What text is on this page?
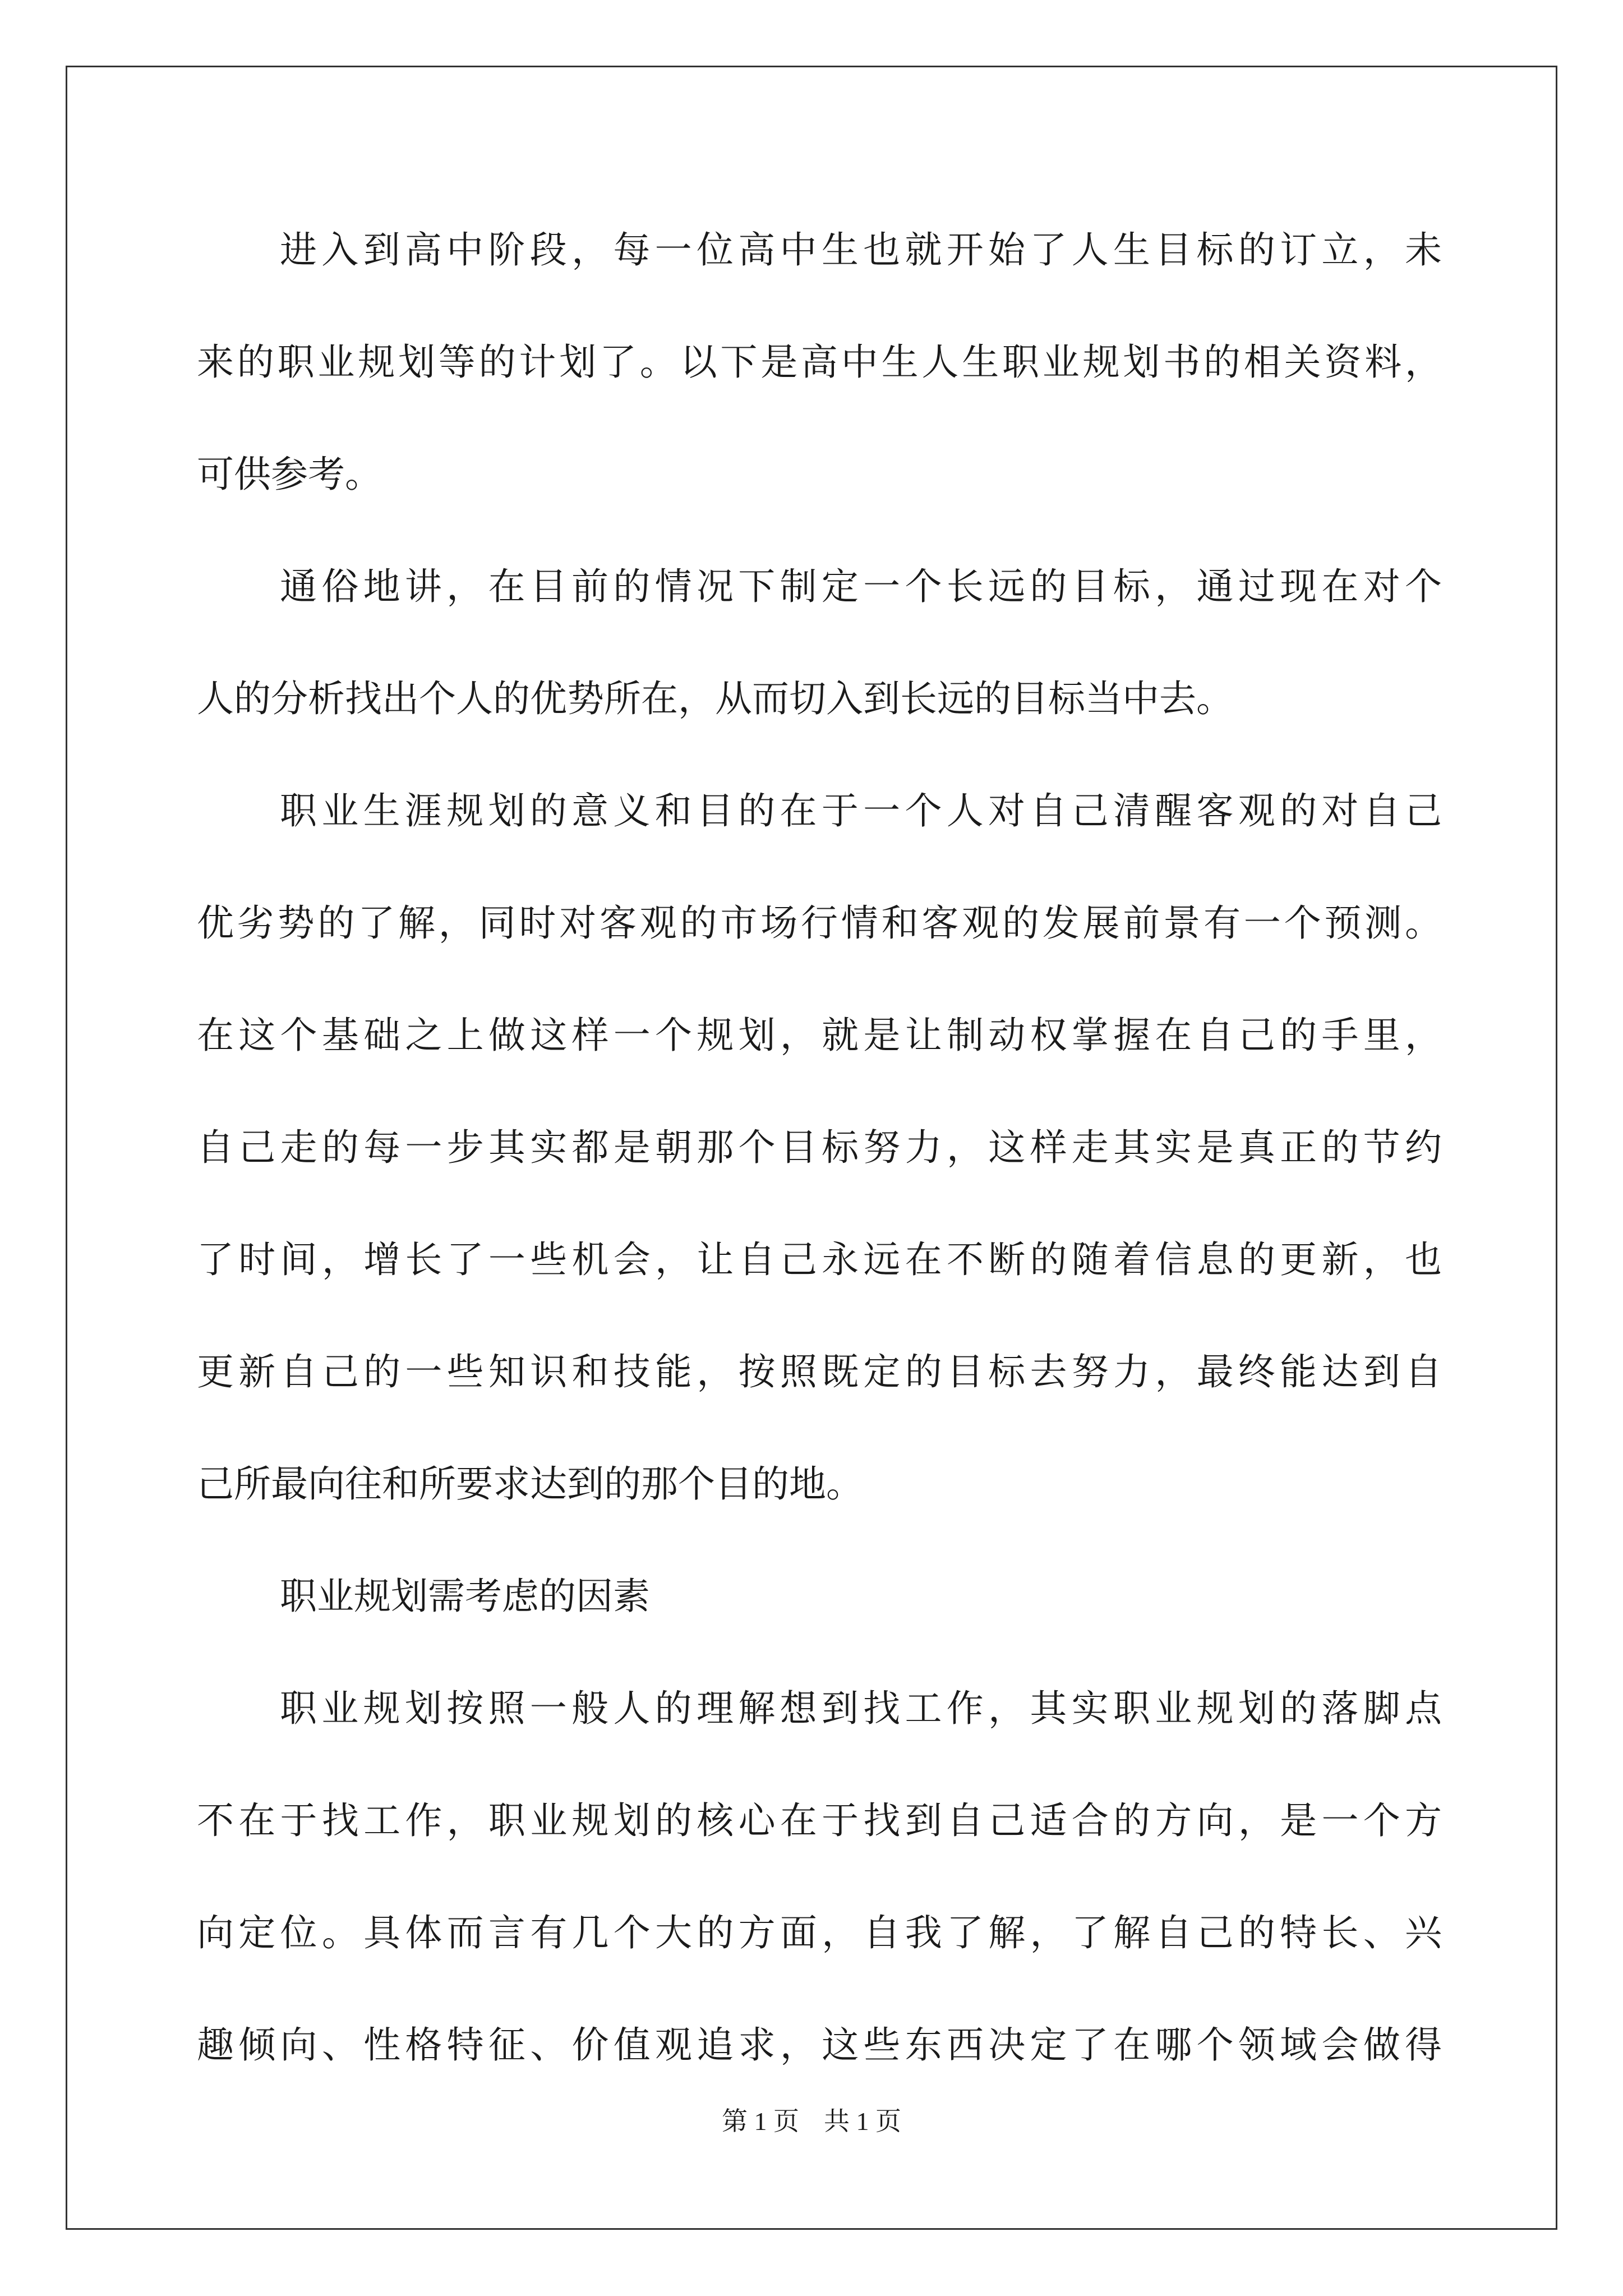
进入到高中阶段，每一位高中生也就开始了人生目标的订立，未
来的职业规划等的计划了。以下是高中生人生职业规划书的相关资料，
可供参考。
通俗地讲，在目前的情况下制定一个长远的目标，通过现在对个
人的分析找出个人的优势所在，从而切入到长远的目标当中去。
职业生涯规划的意义和目的在于一个人对自己清醒客观的对自己
优劣势的了解，同时对客观的市场行情和客观的发展前景有一个预测。
在这个基础之上做这样一个规划，就是让制动权掌握在自己的手里，
自己走的每一步其实都是朝那个目标努力，这样走其实是真正的节约
了时间，增长了一些机会，让自己永远在不断的随着信息的更新，也
更新自己的一些知识和技能，按照既定的目标去努力，最终能达到自
己所最向往和所要求达到的那个目的地。
职业规划需考虑的因素
职业规划按照一般人的理解想到找工作，其实职业规划的落脚点
不在于找工作，职业规划的核心在于找到自己适合的方向，是一个方
向定位。具体而言有几个大的方面，自我了解，了解自己的特长、兴
趣倾向、性格特征、价值观追求，这些东西决定了在哪个领域会做得
第 1 页 共 1 页
